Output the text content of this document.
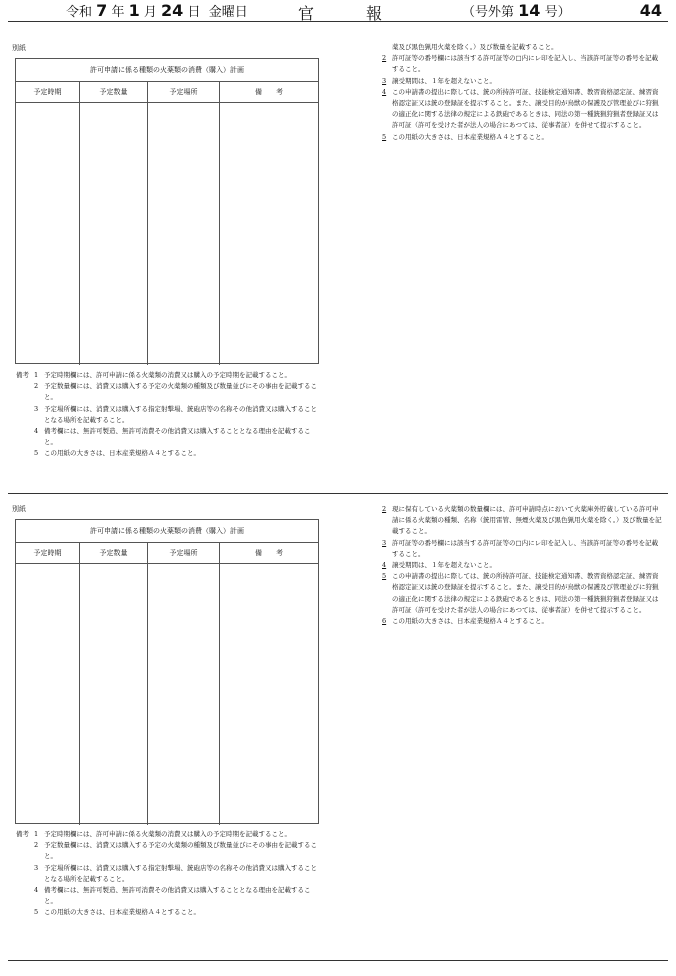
令和 7 年 1 月 24 日 金曜日	官報 （号外第 14 号）	44
別紙
許可申請に係る種類の火薬類の消費（購入）計画
予定時期	予定数量	予定場所	備　　考
備考 1 予定時期欄には、許可申請に係る火薬類の消費又は購入の予定時期を記載すること。
2 予定数量欄には、消費又は購入する予定の火薬類の種類及び数量並びにその事由を記載すること。
3 予定場所欄には、消費又は購入する指定射撃場、銃砲店等の名称その他消費又は購入することとなる場所を記載すること。
4 備考欄には、無許可製造、無許可消費その他消費又は購入することとなる理由を記載すること。
5 この用紙の大きさは、日本産業規格Ａ４とすること。
薬及び黒色猟用火薬を除く。）及び数量を記載すること。
2 許可証等の番号欄には該当する許可証等の□内にレ印を記入し、当該許可証等の番号を記載すること。
3 譲受期間は、１年を超えないこと。
4 この申請書の提出に際しては、銃の所持許可証、技能検定通知書、教習資格認定証、練習資格認定証又は銃の登録証を提示すること。また、譲受目的が鳥獣の保護及び管理並びに狩猟の適正化に関する法律の規定による鉄砲であるときは、同法の第一種銃猟狩猟者登録証又は許可証（許可を受けた者が法人の場合にあつては、従事者証）を併せて提示すること。
5 この用紙の大きさは、日本産業規格Ａ４とすること。
別紙
許可申請に係る種類の火薬類の消費（購入）計画
予定時期	予定数量	予定場所	備　　考
備考 1 予定時期欄には、許可申請に係る火薬類の消費又は購入の予定時期を記載すること。
2 予定数量欄には、消費又は購入する予定の火薬類の種類及び数量並びにその事由を記載すること。
3 予定場所欄には、消費又は購入する指定射撃場、銃砲店等の名称その他消費又は購入することとなる場所を記載すること。
4 備考欄には、無許可製造、無許可消費その他消費又は購入することとなる理由を記載すること。
5 この用紙の大きさは、日本産業規格Ａ４とすること。
2 現に保有している火薬類の数量欄には、許可申請時点において火薬庫外貯蔵している許可申請に係る火薬類の種類、名称（銃用雷管、無煙火薬及び黒色猟用火薬を除く。）及び数量を記載すること。
3 許可証等の番号欄には該当する許可証等の□内にレ印を記入し、当該許可証等の番号を記載すること。
4 譲受期間は、１年を超えないこと。
5 この申請書の提出に際しては、銃の所持許可証、技能検定通知書、教習資格認定証、練習資格認定証又は銃の登録証を提示すること。また、譲受目的が鳥獣の保護及び管理並びに狩猟の適正化に関する法律の規定による鉄砲であるときは、同法の第一種銃猟狩猟者登録証又は許可証（許可を受けた者が法人の場合にあつては、従事者証）を併せて提示すること。
6 この用紙の大きさは、日本産業規格Ａ４とすること。
